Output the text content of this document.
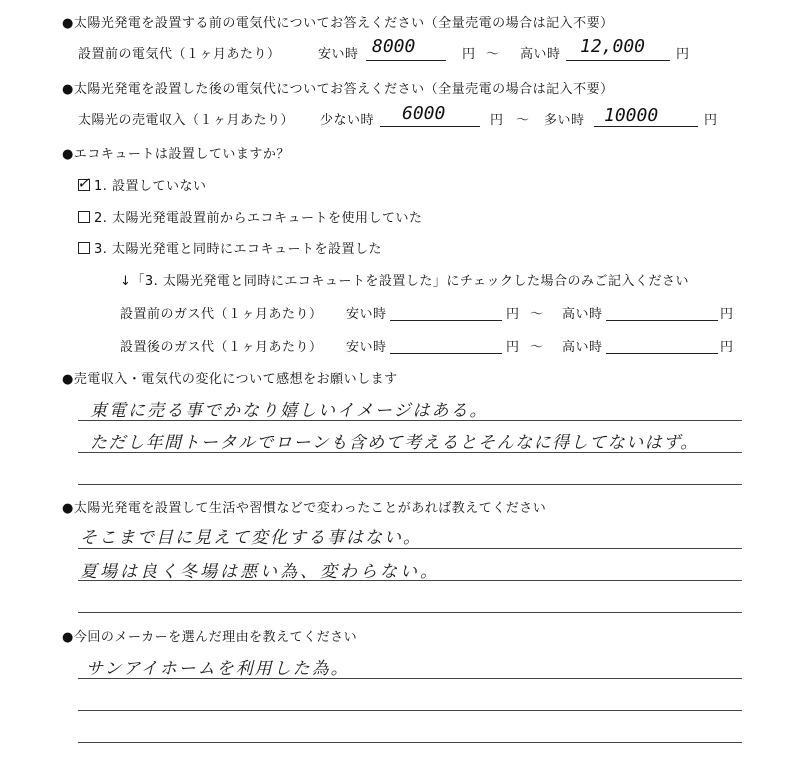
●太陽光発電を設置する前の電気代についてお答えください（全量売電の場合は記入不要）
設置前の電気代（１ヶ月あたり）	安い時 8000	円 ～ 高い時 12,000 円
●太陽光発電を設置した後の電気代についてお答えください（全量売電の場合は記入不要）
太陽光の売電収入（１ヶ月あたり） 少ない時 6000	円 ～ 多い時 10000	円
●エコキュートは設置していますか？
✓ 1. 設置していない
2. 太陽光発電設置前からエコキュートを使用していた
3. 太陽光発電と同時にエコキュートを設置した
↓「3. 太陽光発電と同時にエコキュートを設置した」にチェックした場合のみご記入ください
設置前のガス代（１ヶ月あたり） 安い時	円 ～ 高い時	円
設置後のガス代（１ヶ月あたり） 安い時	円 ～ 高い時	円
●売電収入・電気代の変化について感想をお願いします
東電に売る事でかなり嬉しいイメージはある。
ただし年間トータルでローンも含めて考えるとそんなに得してないはず。
●太陽光発電を設置して生活や習慣などで変わったことがあれば教えてください
そこまで目に見えて変化する事はない。
夏場は良く冬場は悪い為、変わらない。
●今回のメーカーを選んだ理由を教えてください
サンアイホームを利用した為。
